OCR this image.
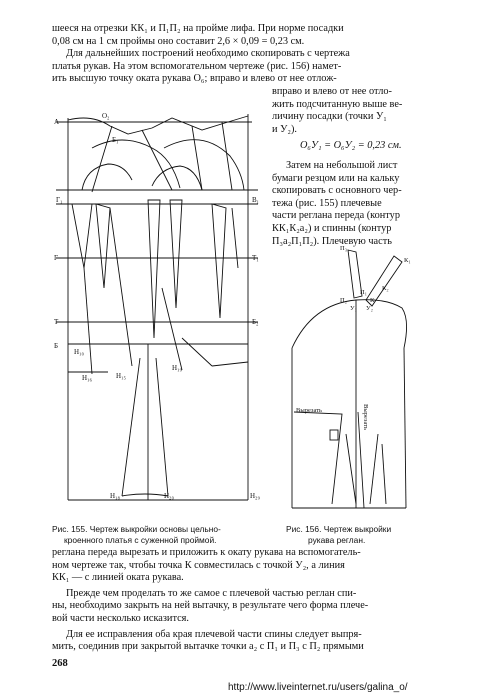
шееся на отрезки КК₁ и П₁П₂ на пройме лифа. При норме посадки
0,08 см на 1 см проймы оно составит 2,6 × 0,09 = 0,23 см.
Для дальнейших построений необходимо скопировать с чертежа
платья рукав. На этом вспомогательном чертеже (рис. 156) намет-
ить высшую точку оката рукава О₆; вправо и влево от нее отлож-
вправо и влево от нее отло-
жить подсчитанную выше ве-
личину посадки (точки У₁
и У₂).
О₆У₁ = О₆У₂ = 0,23 см.
Затем на небольшой лист
бумаги резцом или на кальку
скопировать с основного чер-
тежа (рис. 155) плечевые
части реглана переда (контур
КК₁К₂а₂) и спинны (контур
П₃а₂П₁П₂). Плечевую часть
A
Г
Т
Б
О₂
Б₁
Г₁	В₁
Т₁
Б₂
Н₁₀
Н₁₆	Н₁₅
Н₁₉
Н₁₈	Н₂₀	Н₂₉
Рис. 155. Чертеж выкройки основы цельно-
кроенного платья с суженной проймой.
П₃
П₂
П₁
К
У₁ У₂
К₁
К₂
Вырезать	Вырезать
Рис. 156. Чертеж выкройки
рукава реглан.
реглана переда вырезать и приложить к окату рукава на вспомогатель-
ном чертеже так, чтобы точка К совместилась с точкой У₂, а линия
КК₁ — с линией оката рукава.
Прежде чем проделать то же самое с плечевой частью реглан спи-
ны, необходимо закрыть на ней вытачку, в результате чего форма плече-
вой части несколько исказится.
Для ее исправления оба края плечевой части спины следует выпря-
мить, соединив при закрытой вытачке точки а₂ с П₁ и П₃ с П₂ прямыми
268
http://www.liveinternet.ru/users/galina_o/
